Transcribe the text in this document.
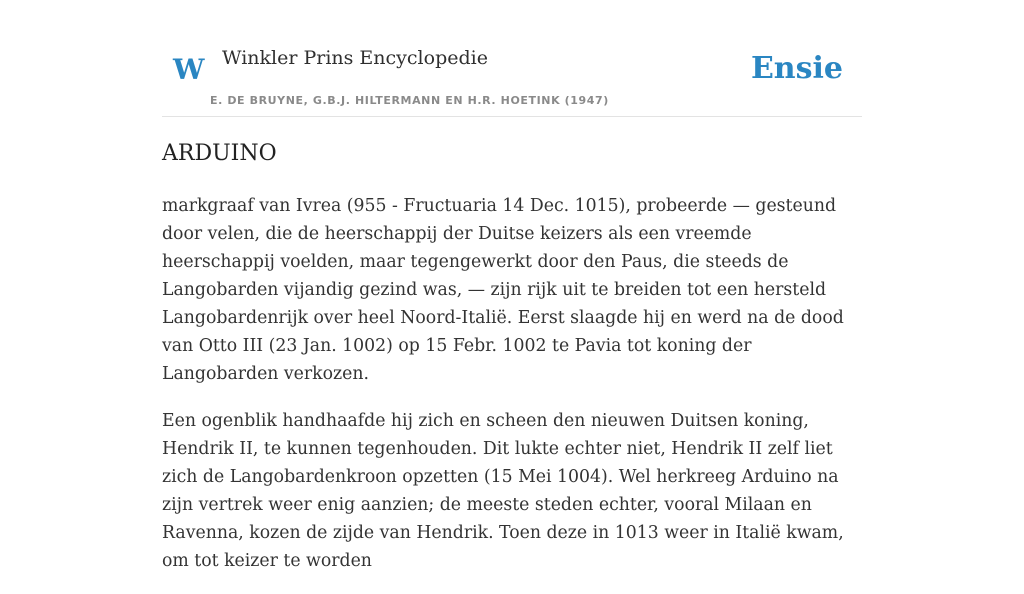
W Winkler Prins Encyclopedie
E. DE BRUYNE, G.B.J. HILTERMANN EN H.R. HOETINK (1947)
Ensie
ARDUINO

markgraaf van Ivrea (955 - Fructuaria 14 Dec. 1015), probeerde — gesteund door velen, die de heerschappij der Duitse keizers als een vreemde heerschappij voelden, maar tegengewerkt door den Paus, die steeds de Langobarden vijandig gezind was, — zijn rijk uit te breiden tot een hersteld Langobardenrijk over heel Noord-Italië. Eerst slaagde hij en werd na de dood van Otto III (23 Jan. 1002) op 15 Febr. 1002 te Pavia tot koning der Langobarden verkozen.

Een ogenblik handhaafde hij zich en scheen den nieuwen Duitsen koning, Hendrik II, te kunnen tegenhouden. Dit lukte echter niet, Hendrik II zelf liet zich de Langobardenkroon opzetten (15 Mei 1004). Wel herkreeg Arduino na zijn vertrek weer enig aanzien; de meeste steden echter, vooral Milaan en Ravenna, kozen de zijde van Hendrik. Toen deze in 1013 weer in Italië kwam, om tot keizer te worden
